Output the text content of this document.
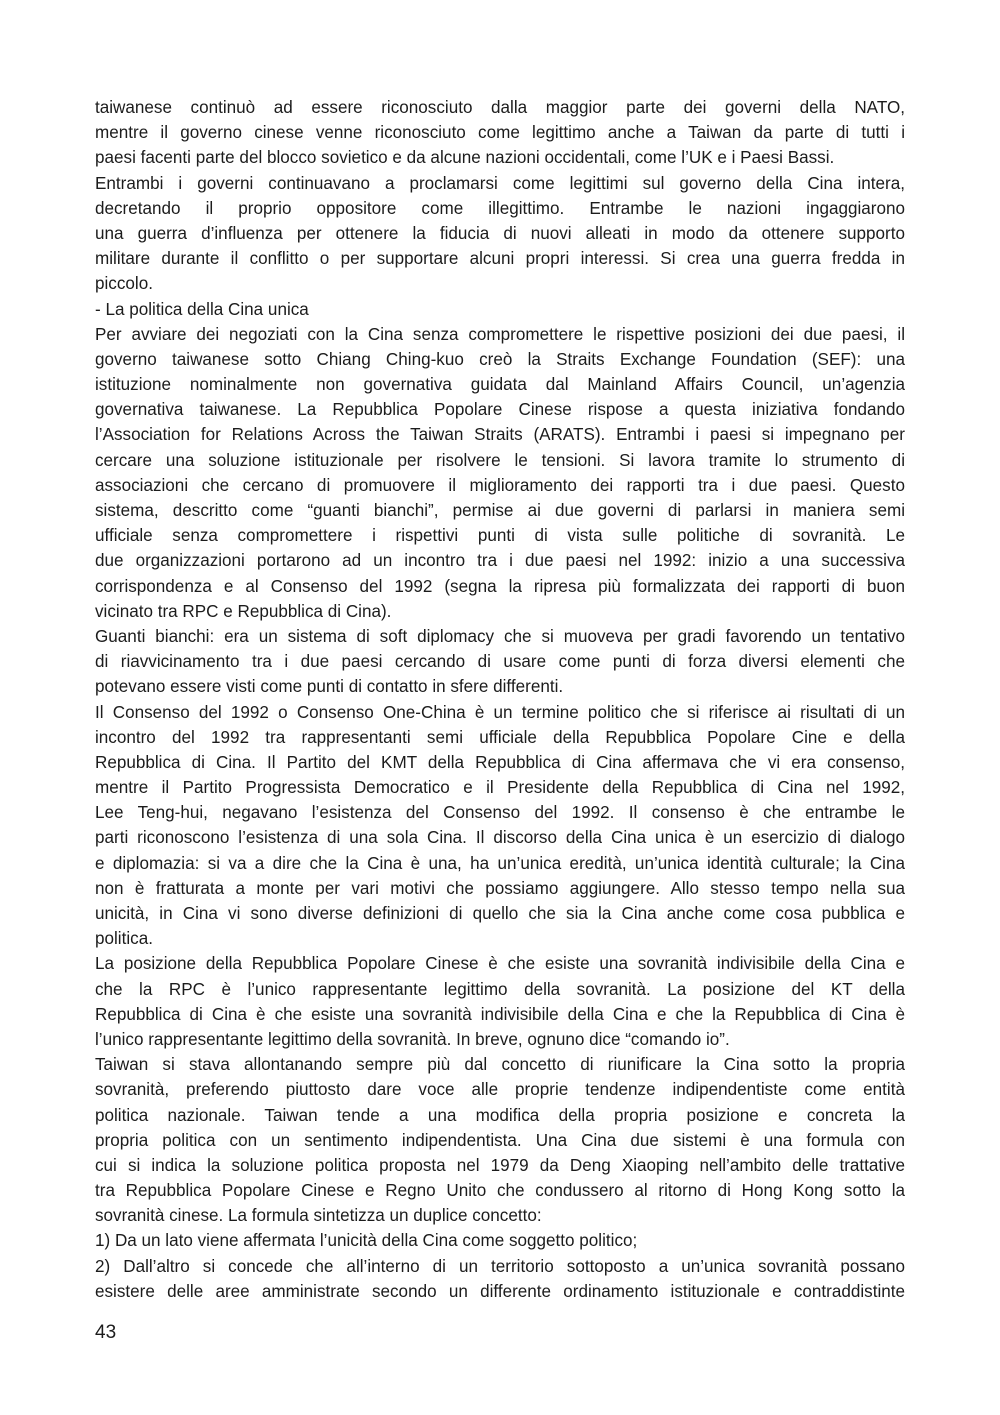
taiwanese continuò ad essere riconosciuto dalla maggior parte dei governi della NATO,
mentre il governo cinese venne riconosciuto come legittimo anche a Taiwan da parte di tutti i
paesi facenti parte del blocco sovietico e da alcune nazioni occidentali, come l’UK e i Paesi Bassi.
Entrambi i governi continuavano a proclamarsi come legittimi sul governo della Cina intera,
decretando il proprio oppositore come illegittimo. Entrambe le nazioni ingaggiarono
una guerra d’influenza per ottenere la fiducia di nuovi alleati in modo da ottenere supporto
militare durante il conflitto o per supportare alcuni propri interessi. Si crea una guerra fredda in
piccolo.
- La politica della Cina unica
Per avviare dei negoziati con la Cina senza compromettere le rispettive posizioni dei due paesi, il
governo taiwanese sotto Chiang Ching-kuo creò la Straits Exchange Foundation (SEF): una
istituzione nominalmente non governativa guidata dal Mainland Affairs Council, un’agenzia
governativa taiwanese. La Repubblica Popolare Cinese rispose a questa iniziativa fondando
l’Association for Relations Across the Taiwan Straits (ARATS). Entrambi i paesi si impegnano per
cercare una soluzione istituzionale per risolvere le tensioni. Si lavora tramite lo strumento di
associazioni che cercano di promuovere il miglioramento dei rapporti tra i due paesi. Questo
sistema, descritto come “guanti bianchi”, permise ai due governi di parlarsi in maniera semi
ufficiale senza compromettere i rispettivi punti di vista sulle politiche di sovranità. Le
due organizzazioni portarono ad un incontro tra i due paesi nel 1992: inizio a una successiva
corrispondenza e al Consenso del 1992 (segna la ripresa più formalizzata dei rapporti di buon
vicinato tra RPC e Repubblica di Cina).
Guanti bianchi: era un sistema di soft diplomacy che si muoveva per gradi favorendo un tentativo
di riavvicinamento tra i due paesi cercando di usare come punti di forza diversi elementi che
potevano essere visti come punti di contatto in sfere differenti.
Il Consenso del 1992 o Consenso One-China è un termine politico che si riferisce ai risultati di un
incontro del 1992 tra rappresentanti semi ufficiale della Repubblica Popolare Cine e della
Repubblica di Cina. Il Partito del KMT della Repubblica di Cina affermava che vi era consenso,
mentre il Partito Progressista Democratico e il Presidente della Repubblica di Cina nel 1992,
Lee Teng-hui, negavano l’esistenza del Consenso del 1992. Il consenso è che entrambe le
parti riconoscono l’esistenza di una sola Cina. Il discorso della Cina unica è un esercizio di dialogo
e diplomazia: si va a dire che la Cina è una, ha un’unica eredità, un’unica identità culturale; la Cina
non è fratturata a monte per vari motivi che possiamo aggiungere. Allo stesso tempo nella sua
unicità, in Cina vi sono diverse definizioni di quello che sia la Cina anche come cosa pubblica e
politica.
La posizione della Repubblica Popolare Cinese è che esiste una sovranità indivisibile della Cina e
che la RPC è l’unico rappresentante legittimo della sovranità. La posizione del KT della
Repubblica di Cina è che esiste una sovranità indivisibile della Cina e che la Repubblica di Cina è
l’unico rappresentante legittimo della sovranità. In breve, ognuno dice “comando io”.
Taiwan si stava allontanando sempre più dal concetto di riunificare la Cina sotto la propria
sovranità, preferendo piuttosto dare voce alle proprie tendenze indipendentiste come entità
politica nazionale. Taiwan tende a una modifica della propria posizione e concreta la
propria politica con un sentimento indipendentista. Una Cina due sistemi è una formula con
cui si indica la soluzione politica proposta nel 1979 da Deng Xiaoping nell’ambito delle trattative
tra Repubblica Popolare Cinese e Regno Unito che condussero al ritorno di Hong Kong sotto la
sovranità cinese. La formula sintetizza un duplice concetto:
1) Da un lato viene affermata l’unicità della Cina come soggetto politico;
2) Dall’altro si concede che all’interno di un territorio sottoposto a un’unica sovranità possano
esistere delle aree amministrate secondo un differente ordinamento istituzionale e contraddistinte
43
